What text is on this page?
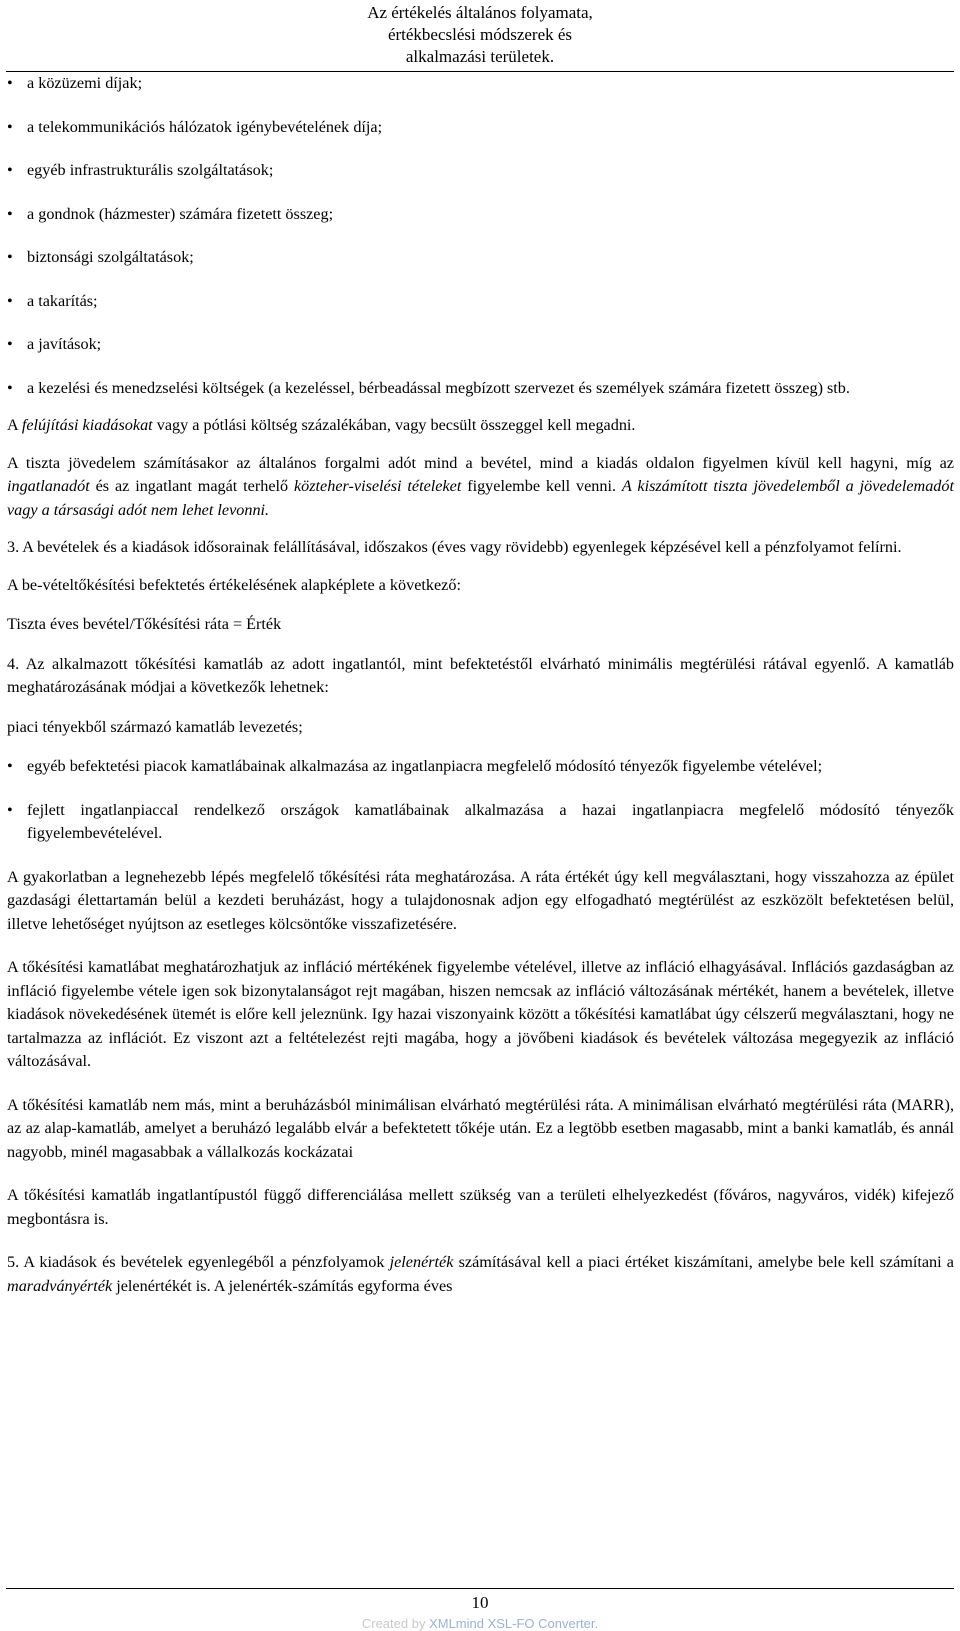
Az értékelés általános folyamata,
értékbecslési módszerek és
alkalmazási területek.
• a közüzemi díjak;
• a telekommunikációs hálózatok igénybevételének díja;
• egyéb infrastrukturális szolgáltatások;
• a gondnok (házmester) számára fizetett összeg;
• biztonsági szolgáltatások;
• a takarítás;
• a javítások;
• a kezelési és menedzselési költségek (a kezeléssel, bérbeadással megbízott szervezet és személyek számára fizetett összeg) stb.

A felújítási kiadásokat vagy a pótlási költség százalékában, vagy becsült összeggel kell megadni.

A tiszta jövedelem számításakor az általános forgalmi adót mind a bevétel, mind a kiadás oldalon figyelmen kívül kell hagyni, míg az ingatlanadót és az ingatlant magát terhelő közteher-viselési tételeket figyelembe kell venni. A kiszámított tiszta jövedelemből a jövedelemadót vagy a társasági adót nem lehet levonni.

3. A bevételek és a kiadások idősorainak felállításával, időszakos (éves vagy rövidebb) egyenlegek képzésével kell a pénzfolyamot felírni.

A be-vételtőkésítési befektetés értékelésének alapképlete a következő:

Tiszta éves bevétel/Tőkésítési ráta = Érték

4. Az alkalmazott tőkésítési kamatláb az adott ingatlantól, mint befektetéstől elvárható minimális megtérülési rátával egyenlő. A kamatláb meghatározásának módjai a következők lehetnek:

piaci tényekből származó kamatláb levezetés;

• egyéb befektetési piacok kamatlábainak alkalmazása az ingatlanpiacra megfelelő módosító tényezők figyelembe vételével;
• fejlett ingatlanpiaccal rendelkező országok kamatlábainak alkalmazása a hazai ingatlanpiacra megfelelő módosító tényezők figyelembevételével.

A gyakorlatban a legnehezebb lépés megfelelő tőkésítési ráta meghatározása. A ráta értékét úgy kell megválasztani, hogy visszahozza az épület gazdasági élettartamán belül a kezdeti beruházást, hogy a tulajdonosnak adjon egy elfogadható megtérülést az eszközölt befektetésen belül, illetve lehetőséget nyújtson az esetleges kölcsöntőke visszafizetésére.

A tőkésítési kamatlábat meghatározhatjuk az infláció mértékének figyelembe vételével, illetve az infláció elhagyásával. Inflációs gazdaságban az infláció figyelembe vétele igen sok bizonytalanságot rejt magában, hiszen nemcsak az infláció változásának mértékét, hanem a bevételek, illetve kiadások növekedésének ütemét is előre kell jeleznünk. Igy hazai viszonyaink között a tőkésítési kamatlábat úgy célszerű megválasztani, hogy ne tartalmazza az inflációt. Ez viszont azt a feltételezést rejti magába, hogy a jövőbeni kiadások és bevételek változása megegyezik az infláció változásával.

A tőkésítési kamatláb nem más, mint a beruházásból minimálisan elvárható megtérülési ráta. A minimálisan elvárható megtérülési ráta (MARR), az az alap-kamatláb, amelyet a beruházó legalább elvár a befektetett tőkéje után. Ez a legtöbb esetben magasabb, mint a banki kamatláb, és annál nagyobb, minél magasabbak a vállalkozás kockázatai

A tőkésítési kamatláb ingatlantípustól függő differenciálása mellett szükség van a területi elhelyezkedést (főváros, nagyváros, vidék) kifejező megbontásra is.

5. A kiadások és bevételek egyenlegéből a pénzfolyamok jelenérték számításával kell a piaci értéket kiszámítani, amelybe bele kell számítani a maradványérték jelenértékét is. A jelenérték-számítás egyforma éves

10
Created by XMLmind XSL-FO Converter.
